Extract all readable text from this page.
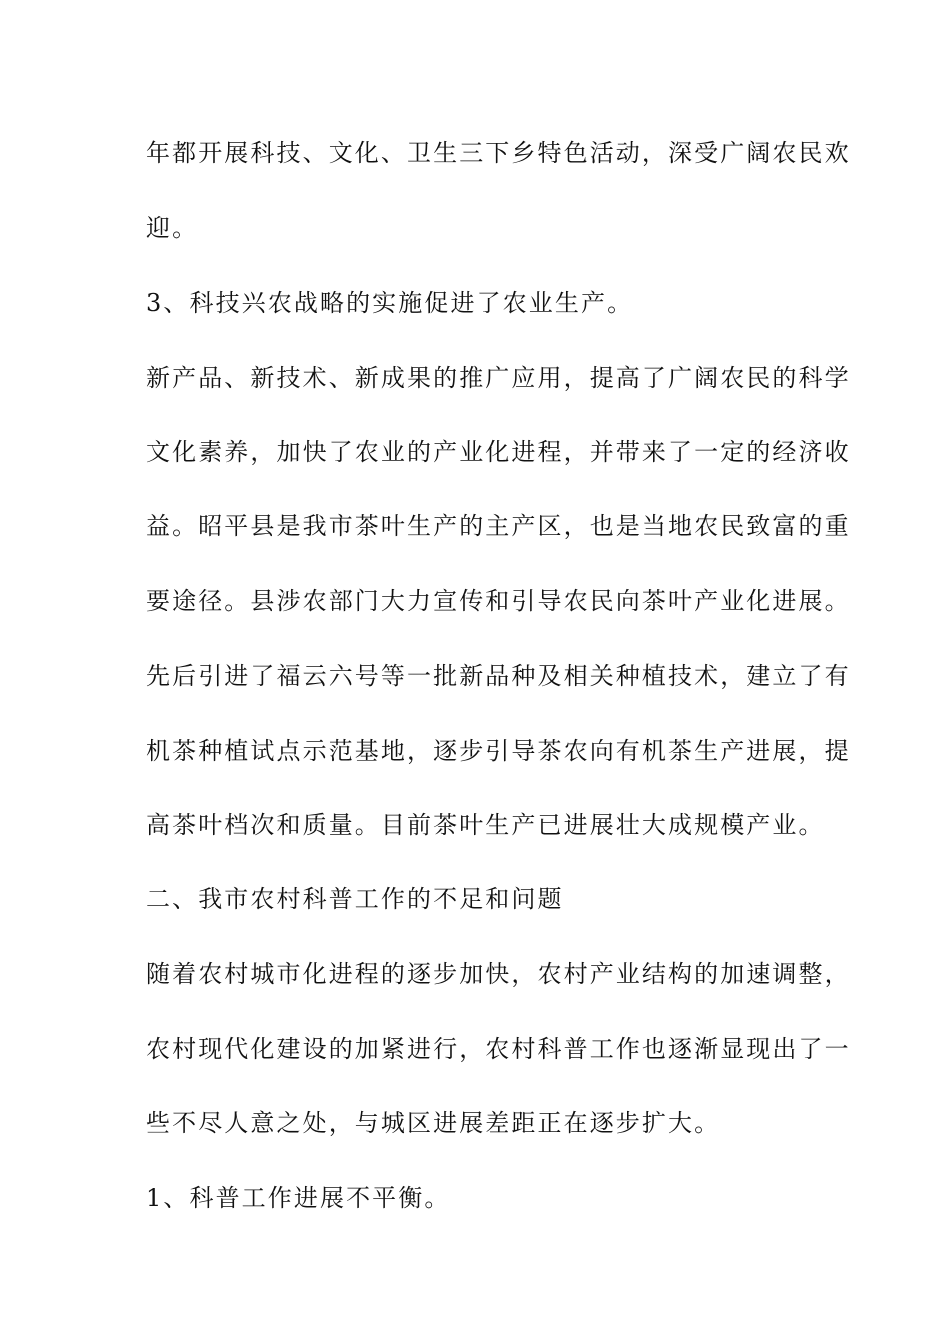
年都开展科技、文化、卫生三下乡特色活动，深受广阔农民欢
迎。
3、科技兴农战略的实施促进了农业生产。
新产品、新技术、新成果的推广应用，提高了广阔农民的科学
文化素养，加快了农业的产业化进程，并带来了一定的经济收
益。昭平县是我市茶叶生产的主产区，也是当地农民致富的重
要途径。县涉农部门大力宣传和引导农民向茶叶产业化进展。
先后引进了福云六号等一批新品种及相关种植技术，建立了有
机茶种植试点示范基地，逐步引导茶农向有机茶生产进展，提
高茶叶档次和质量。目前茶叶生产已进展壮大成规模产业。
二、我市农村科普工作的不足和问题
随着农村城市化进程的逐步加快，农村产业结构的加速调整，
农村现代化建设的加紧进行，农村科普工作也逐渐显现出了一
些不尽人意之处，与城区进展差距正在逐步扩大。
1、科普工作进展不平衡。
